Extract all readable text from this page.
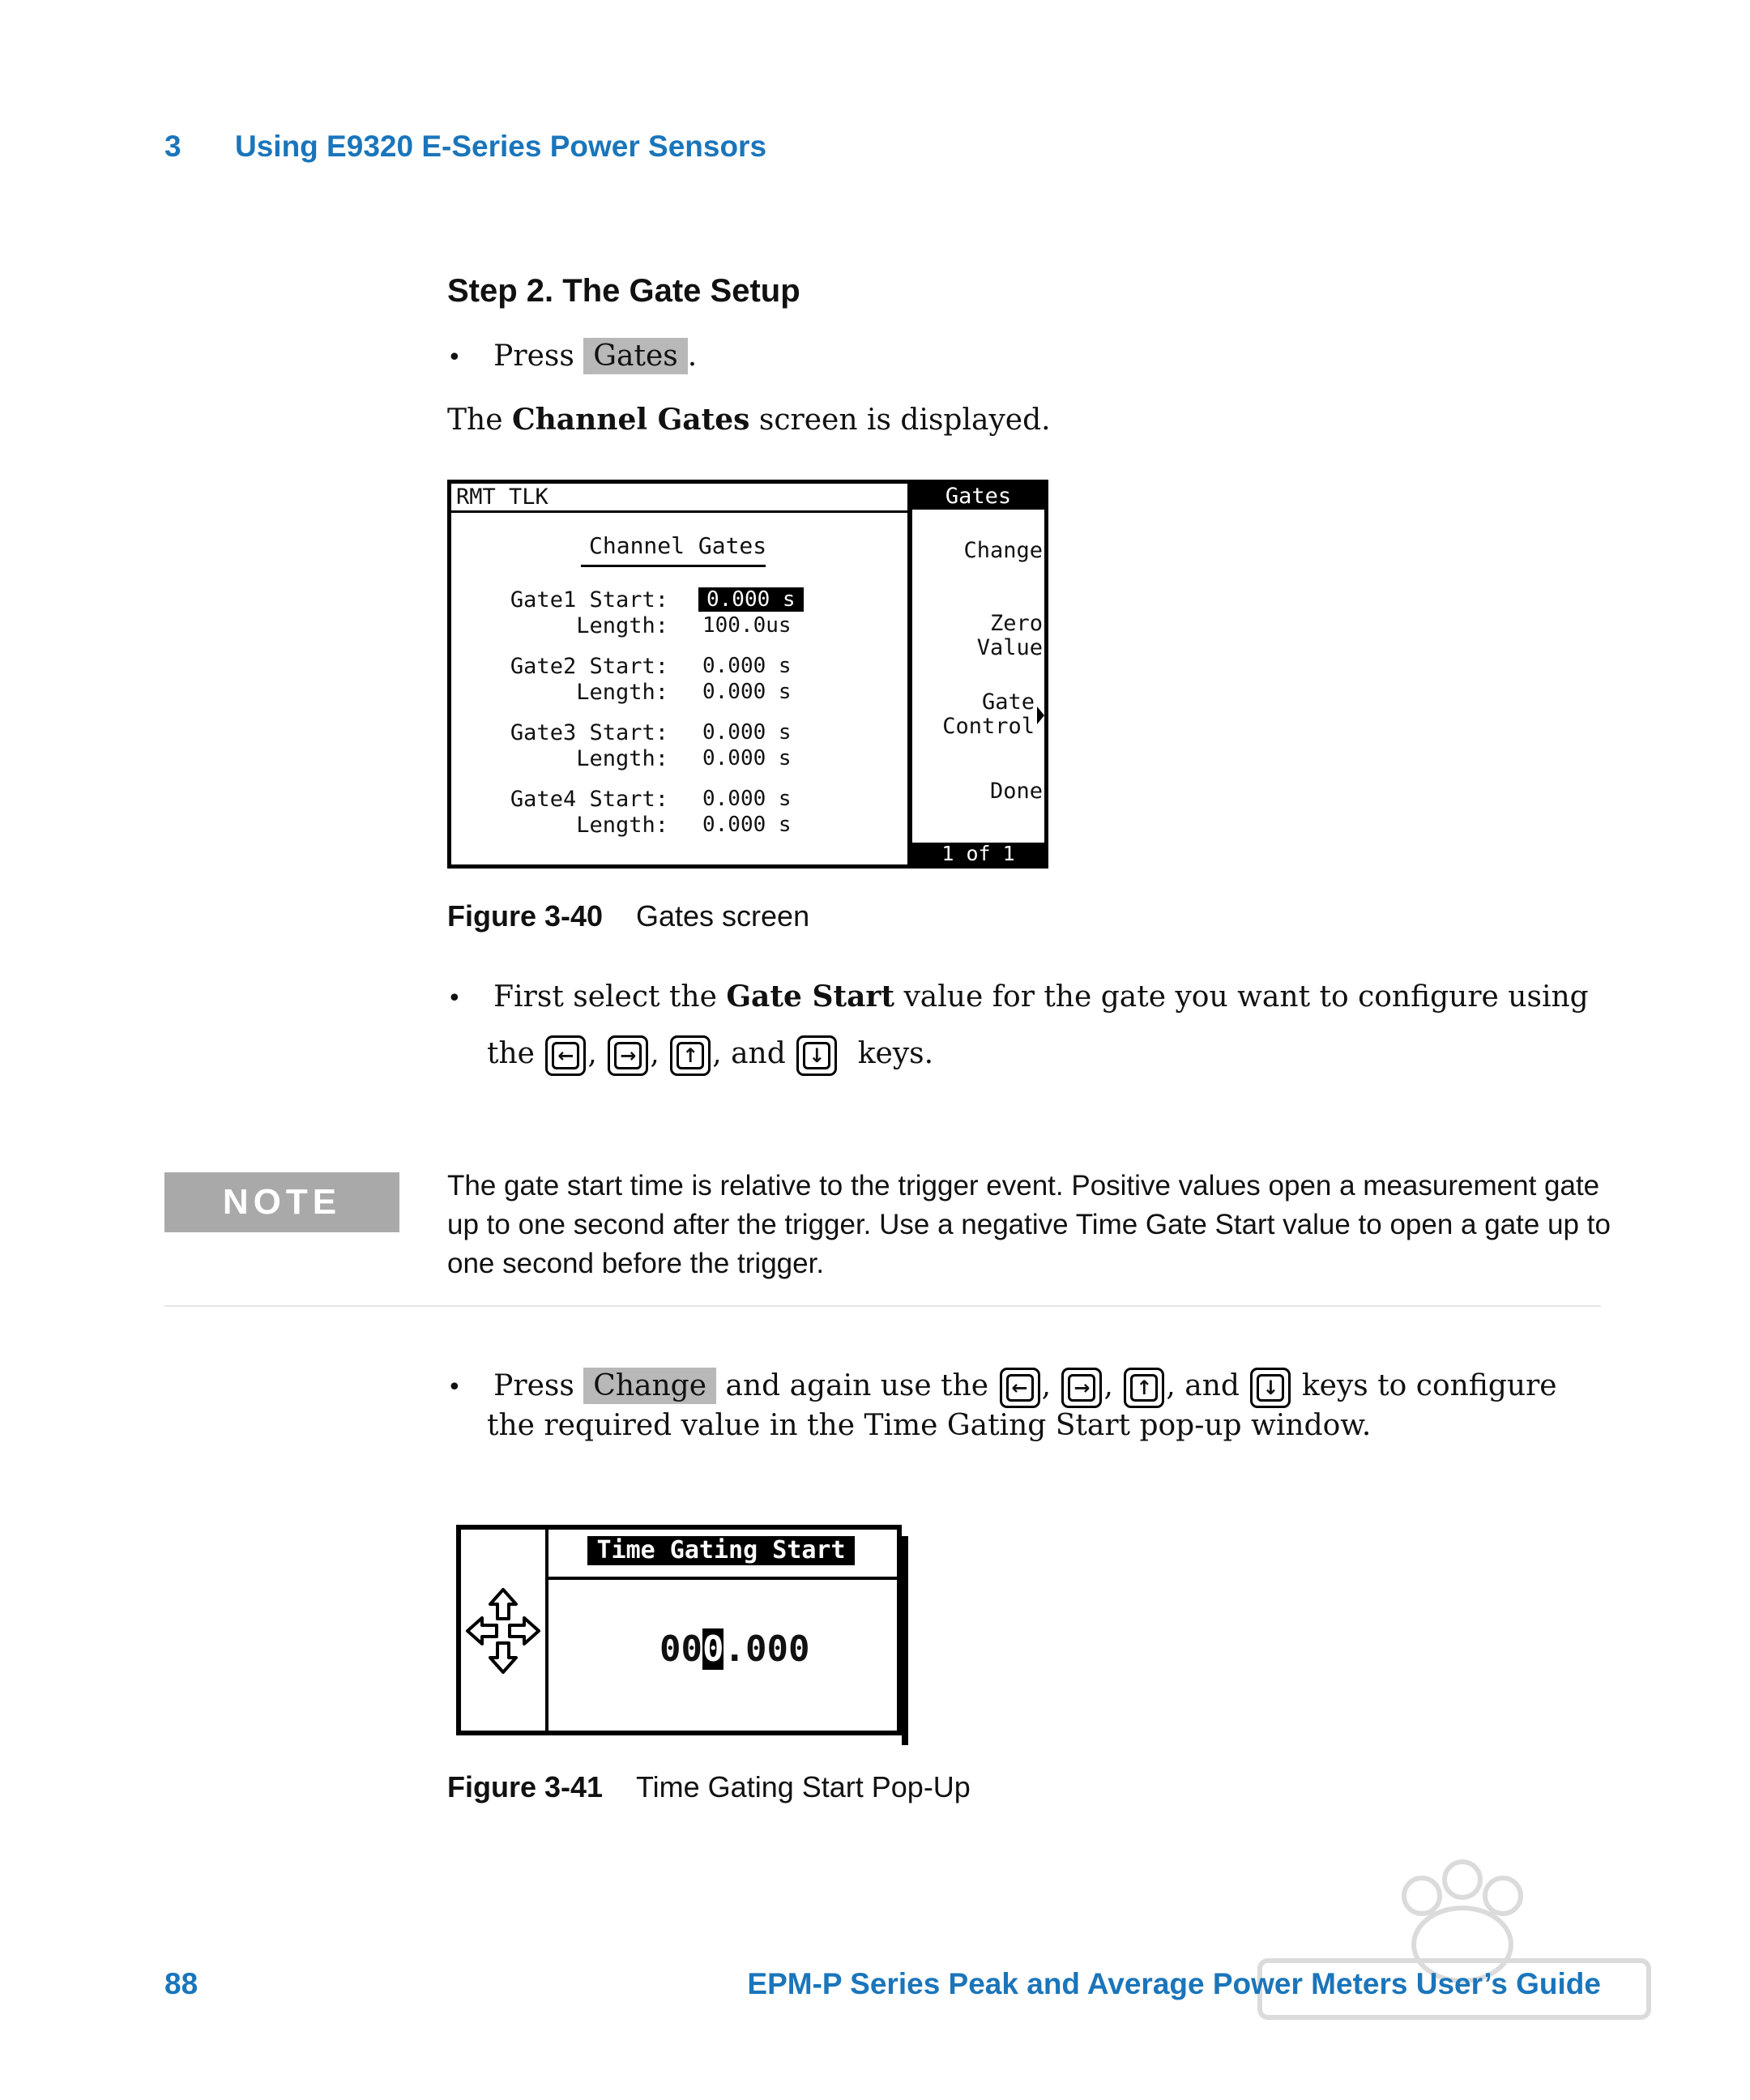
3 Using E9320 E-Series Power Sensors
Step 2. The Gate Setup
• Press Gates .
The Channel Gates screen is displayed.
RMT TLK	Gates
Channel Gates
Gate1 Start:	0.000 s
Length: 100.0us
Gate2 Start: 0.000 s
Length: 0.000 s
Gate3 Start: 0.000 s
Length: 0.000 s
Gate4 Start: 0.000 s
Length: 0.000 s
Change
Zero
Value
Gate
Control
Done
1 of 1
Figure 3-40 Gates screen
• First select the Gate Start value for the gate you want to configure using
the ← , → , ↑ , and ↓ keys.
NOTE	The gate start time is relative to the trigger event. Positive values open a measurement gate up to one second after the trigger. Use a negative Time Gate Start value to open a gate up to one second before the trigger.
• Press Change and again use the ← , → , ↑ , and ↓ keys to configure
the required value in the Time Gating Start pop-up window.
Time Gating Start
000.000
Figure 3-41 Time Gating Start Pop-Up
88	EPM-P Series Peak and Average Power Meters User’s Guide
